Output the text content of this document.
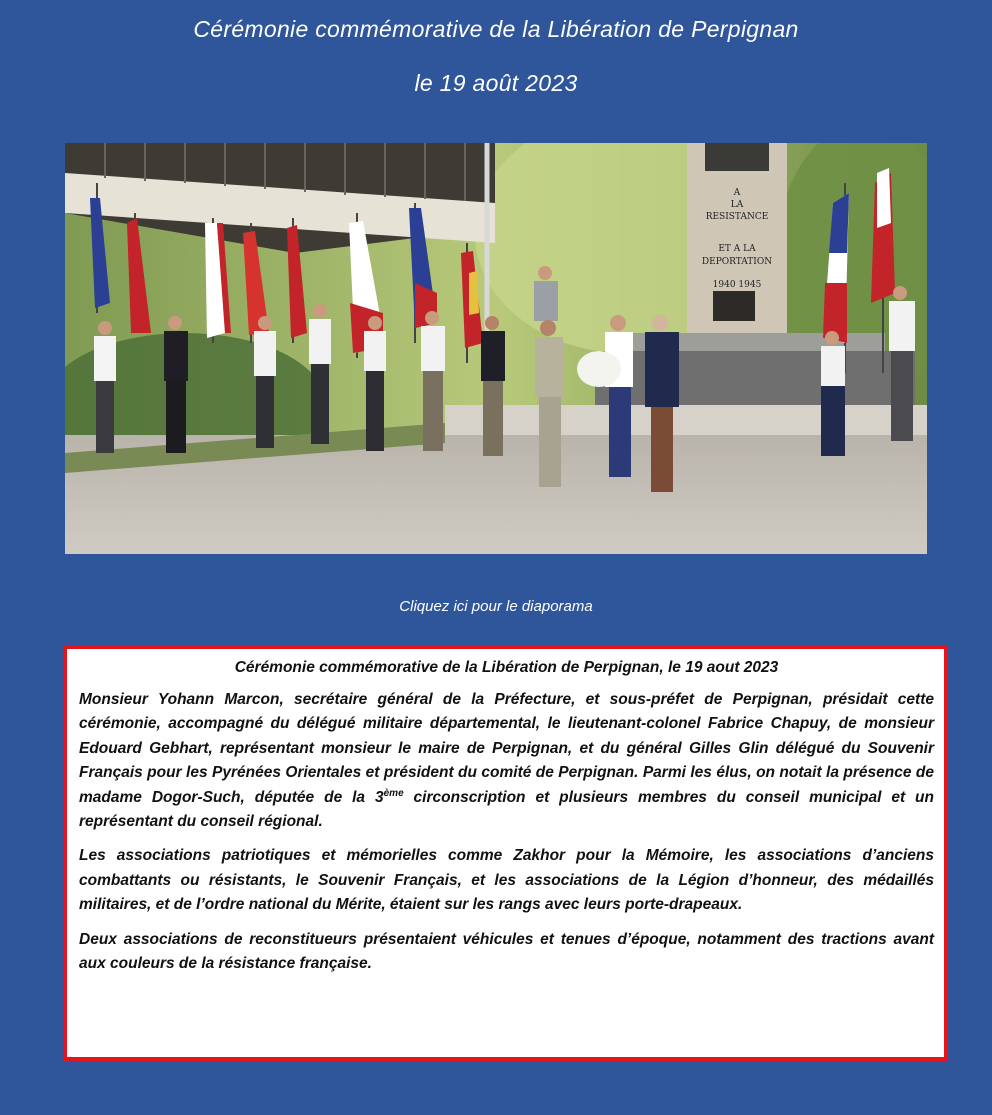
Cérémonie commémorative de la Libération de Perpignan
le 19 août 2023
A
LA
RESISTANCE
ET A LA
DEPORTATION
1940 1945
Cliquez ici pour le diaporama
Cérémonie commémorative de la Libération de Perpignan, le 19 aout 2023

Monsieur Yohann Marcon, secrétaire général de la Préfecture, et sous-préfet de Perpignan, présidait cette cérémonie, accompagné du délégué militaire départemental, le lieutenant-colonel Fabrice Chapuy, de monsieur Edouard Gebhart, représentant monsieur le maire de Perpignan, et du général Gilles Glin délégué du Souvenir Français pour les Pyrénées Orientales et président du comité de Perpignan. Parmi les élus, on notait la présence de madame Dogor-Such, députée de la 3ème circonscription et plusieurs membres du conseil municipal et un représentant du conseil régional.

Les associations patriotiques et mémorielles comme Zakhor pour la Mémoire, les associations d’anciens combattants ou résistants, le Souvenir Français, et les associations de la Légion d’honneur, des médaillés militaires, et de l’ordre national du Mérite, étaient sur les rangs avec leurs porte-drapeaux.

Deux associations de reconstitueurs présentaient véhicules et tenues d’époque, notamment des tractions avant aux couleurs de la résistance française.
